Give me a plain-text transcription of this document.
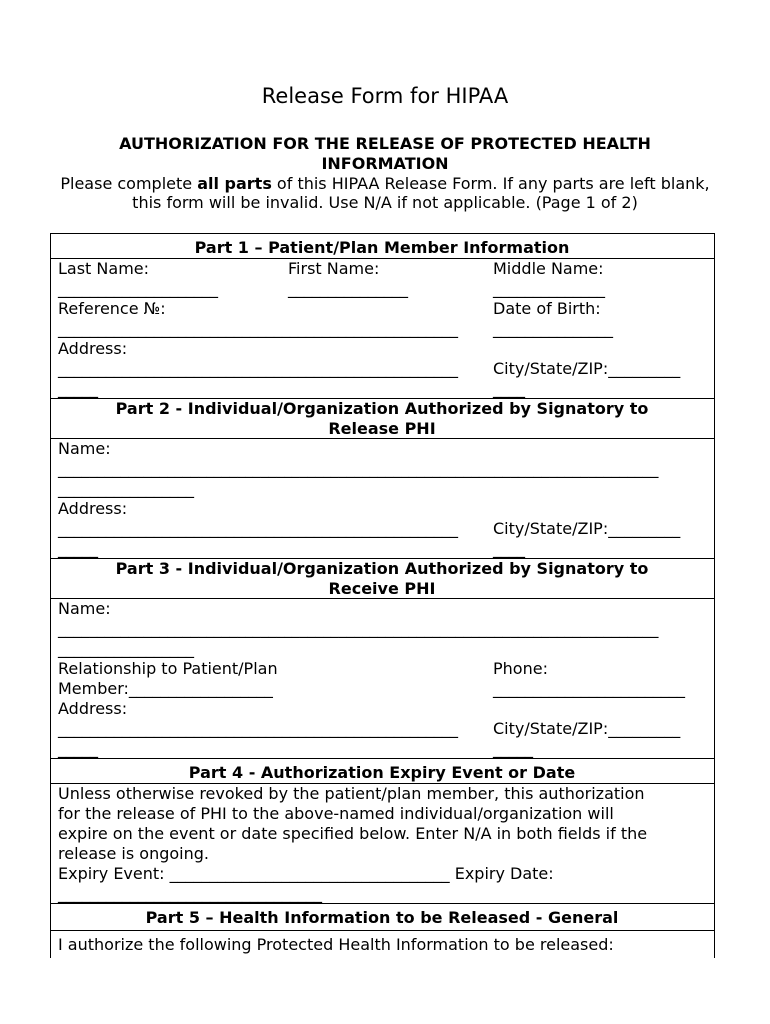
Release Form for HIPAA
AUTHORIZATION FOR THE RELEASE OF PROTECTED HEALTH
INFORMATION
Please complete all parts of this HIPAA Release Form. If any parts are left blank, this form will be invalid. Use N/A if not applicable. (Page 1 of 2)
Part 1 – Patient/Plan Member Information
Last Name:
____________________
First Name:
_______________
Middle Name:
______________
Reference №:
__________________________________________________
Date of Birth:
_______________
Address:
__________________________________________________
_____
City/State/ZIP:_________
____
Part 2 - Individual/Organization Authorized by Signatory to
Release PHI
Name:
_____________________________________________________________________________
_________________
Address:
__________________________________________________
_____
City/State/ZIP:_________
____
Part 3 - Individual/Organization Authorized by Signatory to
Receive PHI
Name:
_____________________________________________________________________________
_________________
Relationship to Patient/Plan
Member:__________________
Phone:
________________________
Address:
__________________________________________________
_____
City/State/ZIP:_________
_____
Part 4 - Authorization Expiry Event or Date
Unless otherwise revoked by the patient/plan member, this authorization for the release of PHI to the above-named individual/organization will expire on the event or date specified below. Enter N/A in both fields if the release is ongoing.
Expiry Event: ___________________________________ Expiry Date:
_________________________________
Part 5 – Health Information to be Released - General
I authorize the following Protected Health Information to be released:
